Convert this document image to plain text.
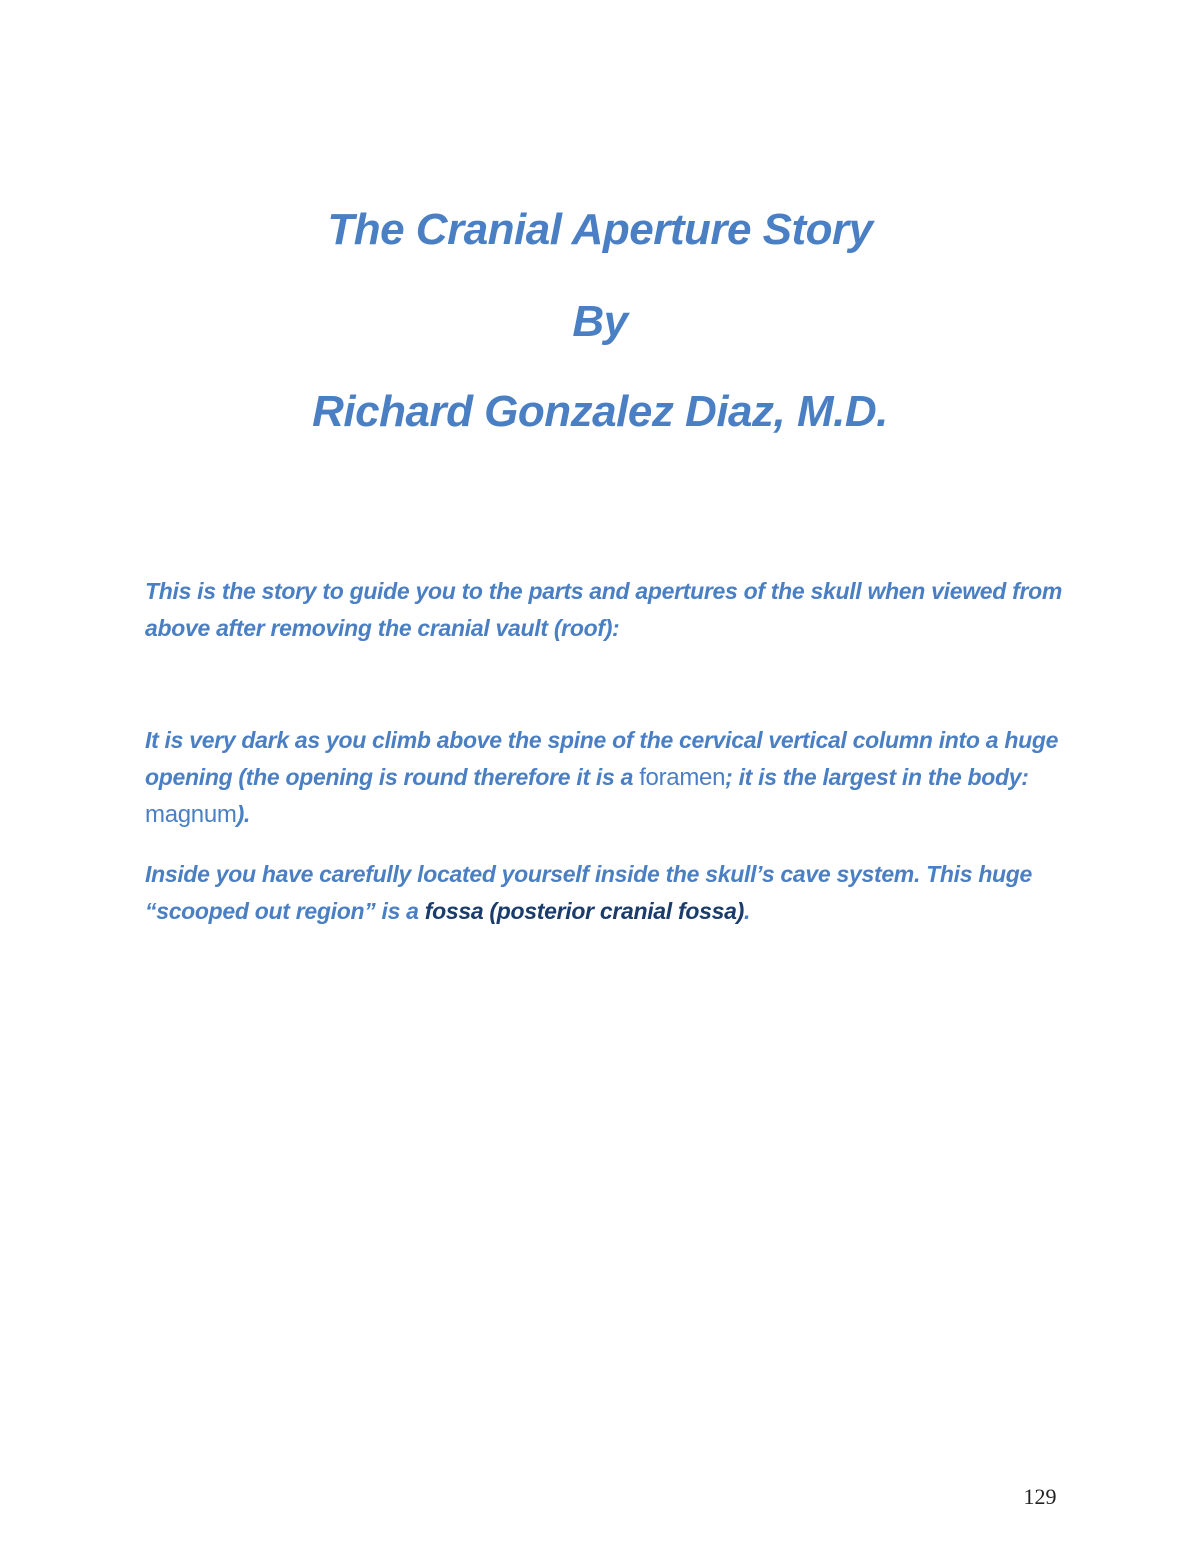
The Cranial Aperture Story
By
Richard Gonzalez Diaz, M.D.
This is the story to guide you to the parts and apertures of the skull when viewed from above after removing the cranial vault (roof):
It is very dark as you climb above the spine of the cervical vertical column into a huge opening (the opening is round therefore it is a foramen; it is the largest in the body: magnum).
Inside you have carefully located yourself inside the skull’s cave system. This huge “scooped out region” is a fossa (posterior cranial fossa).
129
